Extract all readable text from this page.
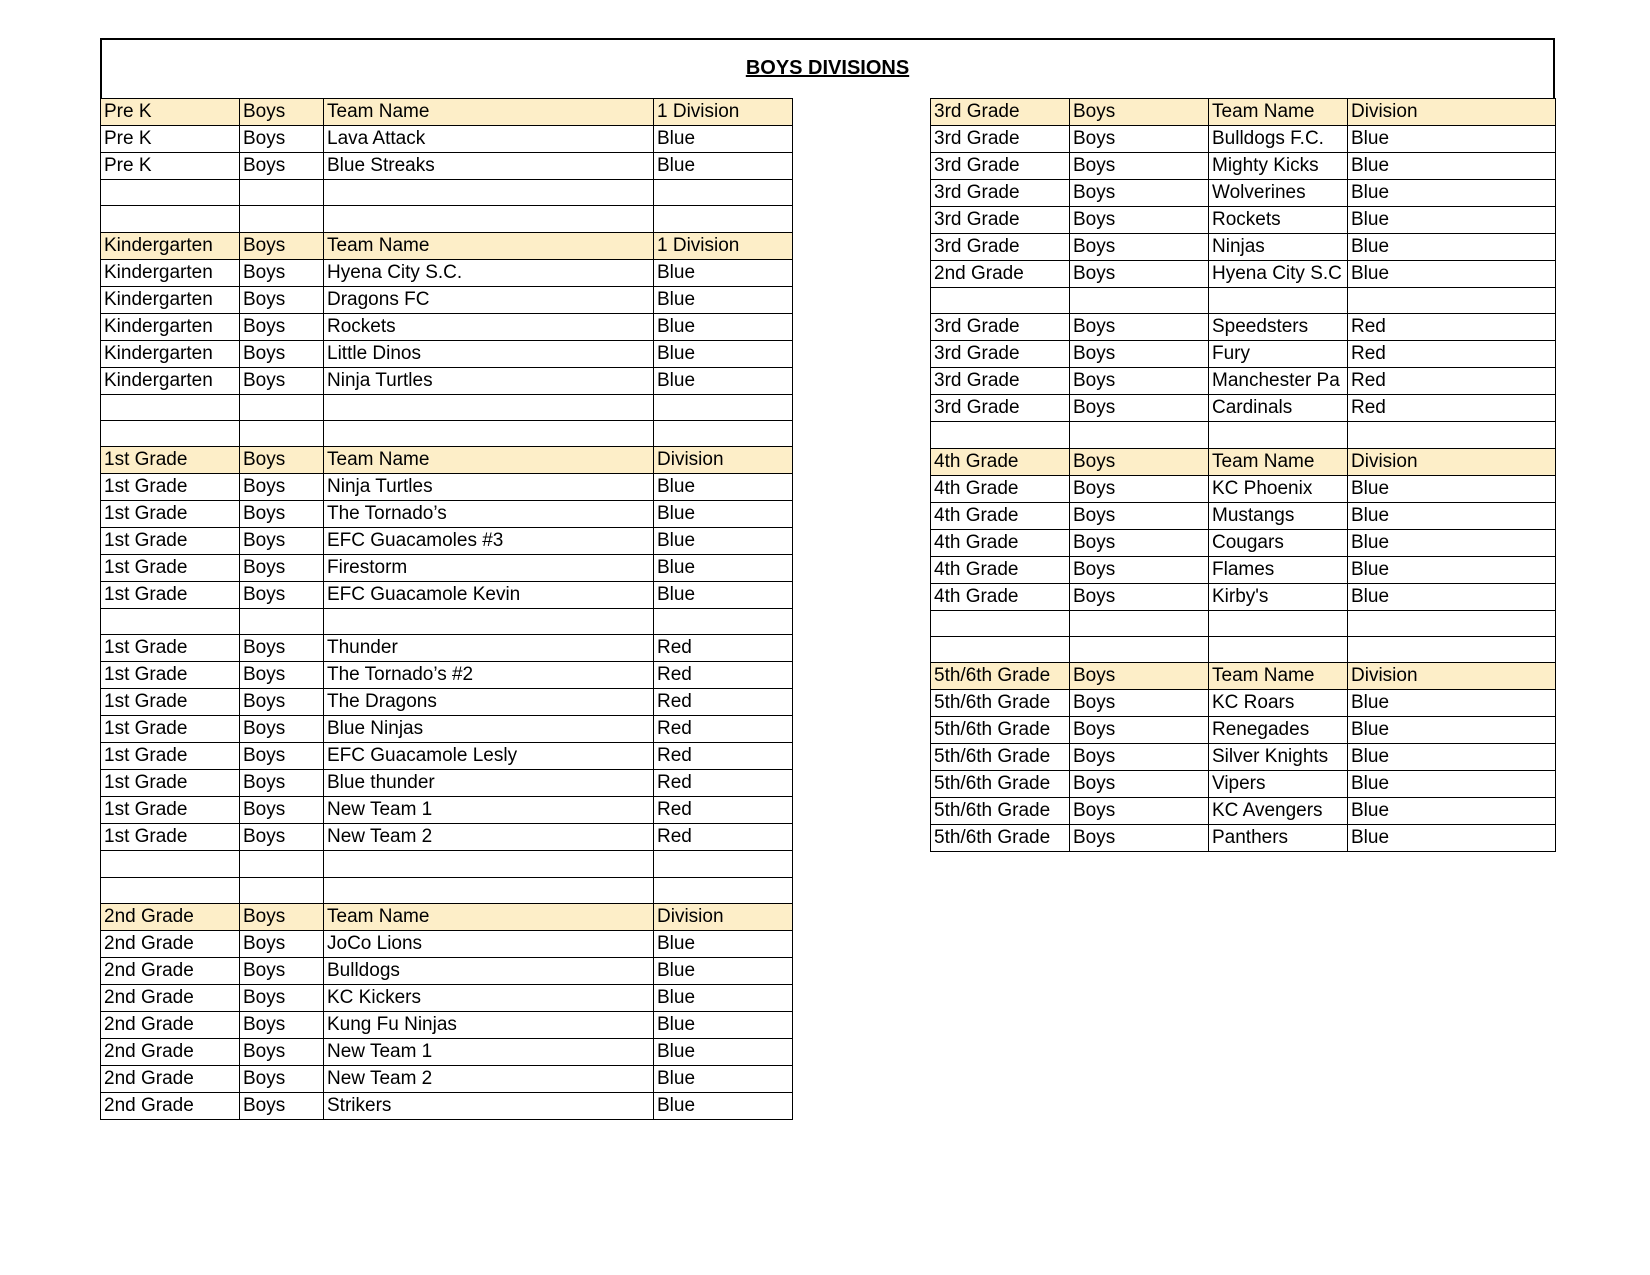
BOYS DIVISIONS
Pre K	Boys	Team Name	1 Division
Pre K	Boys	Lava Attack	Blue
Pre K	Boys	Blue Streaks	Blue

Kindergarten	Boys	Team Name	1 Division
Kindergarten	Boys	Hyena City S.C.	Blue
Kindergarten	Boys	Dragons FC	Blue
Kindergarten	Boys	Rockets	Blue
Kindergarten	Boys	Little Dinos	Blue
Kindergarten	Boys	Ninja Turtles	Blue

1st Grade	Boys	Team Name	Division
1st Grade	Boys	Ninja Turtles	Blue
1st Grade	Boys	The Tornado’s	Blue
1st Grade	Boys	EFC Guacamoles #3	Blue
1st Grade	Boys	Firestorm	Blue
1st Grade	Boys	EFC Guacamole Kevin	Blue

1st Grade	Boys	Thunder	Red
1st Grade	Boys	The Tornado’s #2	Red
1st Grade	Boys	The Dragons	Red
1st Grade	Boys	Blue Ninjas	Red
1st Grade	Boys	EFC Guacamole Lesly	Red
1st Grade	Boys	Blue thunder	Red
1st Grade	Boys	New Team 1	Red
1st Grade	Boys	New Team 2	Red

2nd Grade	Boys	Team Name	Division
2nd Grade	Boys	JoCo Lions	Blue
2nd Grade	Boys	Bulldogs	Blue
2nd Grade	Boys	KC Kickers	Blue
2nd Grade	Boys	Kung Fu Ninjas	Blue
2nd Grade	Boys	New Team 1	Blue
2nd Grade	Boys	New Team 2	Blue
2nd Grade	Boys	Strikers	Blue
3rd Grade	Boys	Team Name	Division
3rd Grade	Boys	Bulldogs F.C.	Blue
3rd Grade	Boys	Mighty Kicks	Blue
3rd Grade	Boys	Wolverines	Blue
3rd Grade	Boys	Rockets	Blue
3rd Grade	Boys	Ninjas	Blue
2nd Grade	Boys	Hyena City S.C	Blue

3rd Grade	Boys	Speedsters	Red
3rd Grade	Boys	Fury	Red
3rd Grade	Boys	Manchester Pa	Red
3rd Grade	Boys	Cardinals	Red

4th Grade	Boys	Team Name	Division
4th Grade	Boys	KC Phoenix	Blue
4th Grade	Boys	Mustangs	Blue
4th Grade	Boys	Cougars	Blue
4th Grade	Boys	Flames	Blue
4th Grade	Boys	Kirby's	Blue

5th/6th Grade	Boys	Team Name	Division
5th/6th Grade	Boys	KC Roars	Blue
5th/6th Grade	Boys	Renegades	Blue
5th/6th Grade	Boys	Silver Knights	Blue
5th/6th Grade	Boys	Vipers	Blue
5th/6th Grade	Boys	KC Avengers	Blue
5th/6th Grade	Boys	Panthers	Blue
